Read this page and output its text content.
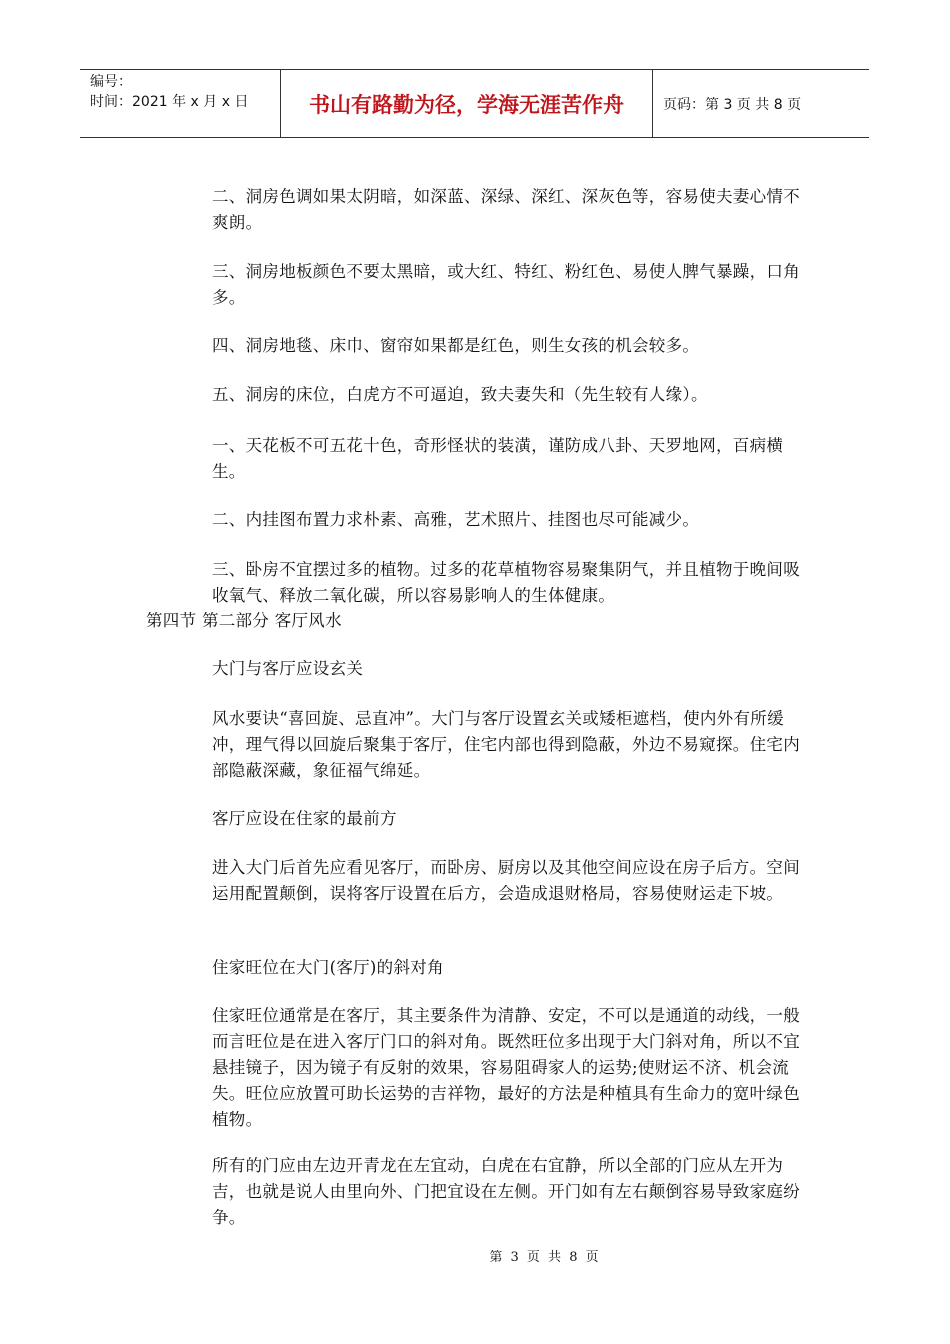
编号：
时间：2021 年 x 月 x 日	书山有路勤为径，学海无涯苦作舟	页码：第 3 页 共 8 页
二、洞房色调如果太阴暗，如深蓝、深绿、深红、深灰色等，容易使夫妻心情不爽朗。
三、洞房地板颜色不要太黑暗，或大红、特红、粉红色、易使人脾气暴躁，口角多。
四、洞房地毯、床巾、窗帘如果都是红色，则生女孩的机会较多。
五、洞房的床位，白虎方不可逼迫，致夫妻失和（先生较有人缘）。
一、天花板不可五花十色，奇形怪状的装潢，谨防成八卦、天罗地网，百病横生。
二、内挂图布置力求朴素、高雅，艺术照片、挂图也尽可能减少。
三、卧房不宜摆过多的植物。过多的花草植物容易聚集阴气，并且植物于晚间吸收氧气、释放二氧化碳，所以容易影响人的生体健康。
第四节 第二部分 客厅风水
大门与客厅应设玄关
风水要诀“喜回旋、忌直冲”。大门与客厅设置玄关或矮柜遮档，使内外有所缓冲，理气得以回旋后聚集于客厅，住宅内部也得到隐蔽，外边不易窥探。住宅内部隐蔽深藏，象征福气绵延。
客厅应设在住家的最前方
进入大门后首先应看见客厅，而卧房、厨房以及其他空间应设在房子后方。空间运用配置颠倒，误将客厅设置在后方，会造成退财格局，容易使财运走下坡。
住家旺位在大门(客厅)的斜对角
住家旺位通常是在客厅，其主要条件为清静、安定，不可以是通道的动线，一般而言旺位是在进入客厅门口的斜对角。既然旺位多出现于大门斜对角，所以不宜悬挂镜子，因为镜子有反射的效果，容易阻碍家人的运势;使财运不济、机会流失。旺位应放置可助长运势的吉祥物，最好的方法是种植具有生命力的宽叶绿色植物。
所有的门应由左边开青龙在左宜动，白虎在右宜静，所以全部的门应从左开为吉，也就是说人由里向外、门把宜设在左侧。开门如有左右颠倒容易导致家庭纷争。
第 3 页 共 8 页
